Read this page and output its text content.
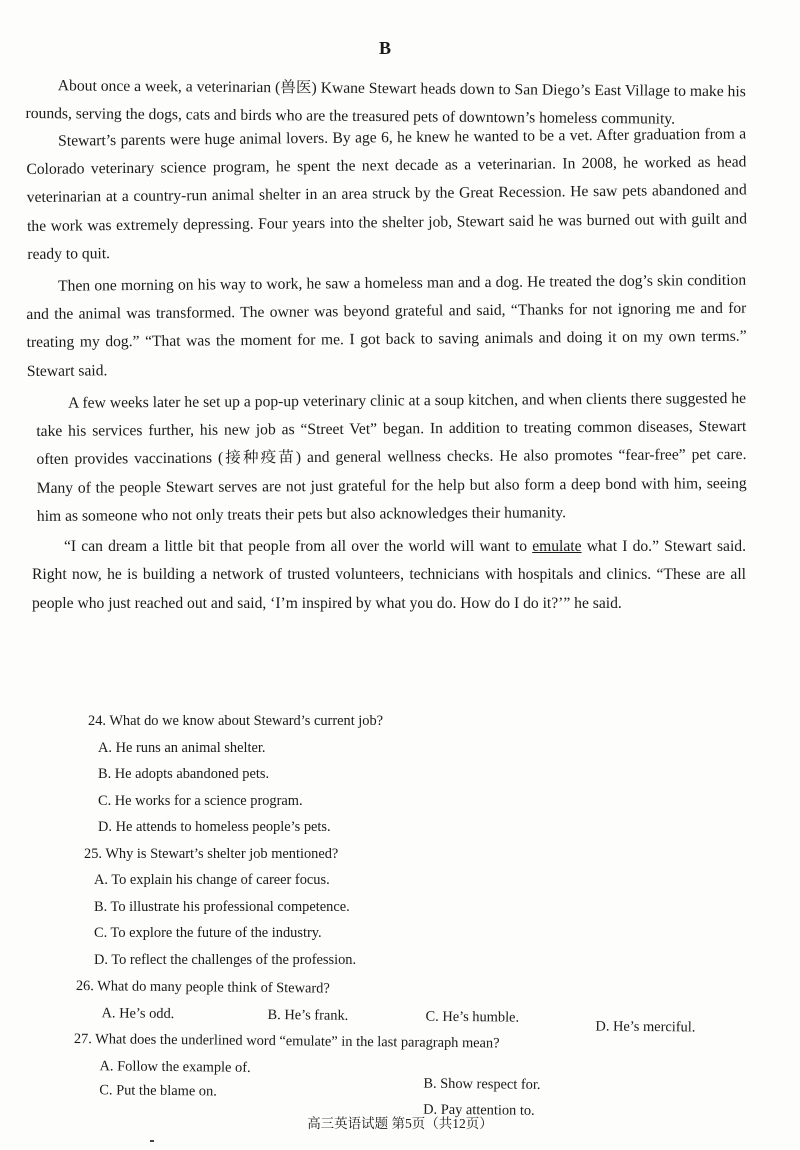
B

About once a week, a veterinarian (兽医) Kwane Stewart heads down to San Diego’s East Village to make his rounds, serving the dogs, cats and birds who are the treasured pets of downtown’s homeless community.

Stewart’s parents were huge animal lovers. By age 6, he knew he wanted to be a vet. After graduation from a Colorado veterinary science program, he spent the next decade as a veterinarian. In 2008, he worked as head veterinarian at a country-run animal shelter in an area struck by the Great Recession. He saw pets abandoned and the work was extremely depressing. Four years into the shelter job, Stewart said he was burned out with guilt and ready to quit.

Then one morning on his way to work, he saw a homeless man and a dog. He treated the dog’s skin condition and the animal was transformed. The owner was beyond grateful and said, “Thanks for not ignoring me and for treating my dog.” “That was the moment for me. I got back to saving animals and doing it on my own terms.” Stewart said.

A few weeks later he set up a pop-up veterinary clinic at a soup kitchen, and when clients there suggested he take his services further, his new job as “Street Vet” began. In addition to treating common diseases, Stewart often provides vaccinations (接种疫苗) and general wellness checks. He also promotes “fear-free” pet care. Many of the people Stewart serves are not just grateful for the help but also form a deep bond with him, seeing him as someone who not only treats their pets but also acknowledges their humanity.

“I can dream a little bit that people from all over the world will want to emulate what I do.” Stewart said. Right now, he is building a network of trusted volunteers, technicians with hospitals and clinics. “These are all people who just reached out and said, ‘I’m inspired by what you do. How do I do it?’” he said.

24. What do we know about Steward’s current job?

A. He runs an animal shelter.

B. He adopts abandoned pets.

C. He works for a science program.

D. He attends to homeless people’s pets.

25. Why is Stewart’s shelter job mentioned?

A. To explain his change of career focus.

B. To illustrate his professional competence.

C. To explore the future of the industry.

D. To reflect the challenges of the profession.

26. What do many people think of Steward?

A. He’s odd.	B. He’s frank.	C. He’s humble.
D. He’s merciful.

27. What does the underlined word “emulate” in the last paragraph mean?

A. Follow the example of.
B. Show respect for.
C. Put the blame on.
D. Pay attention to.
高三英语试题 第5页（共12页）
